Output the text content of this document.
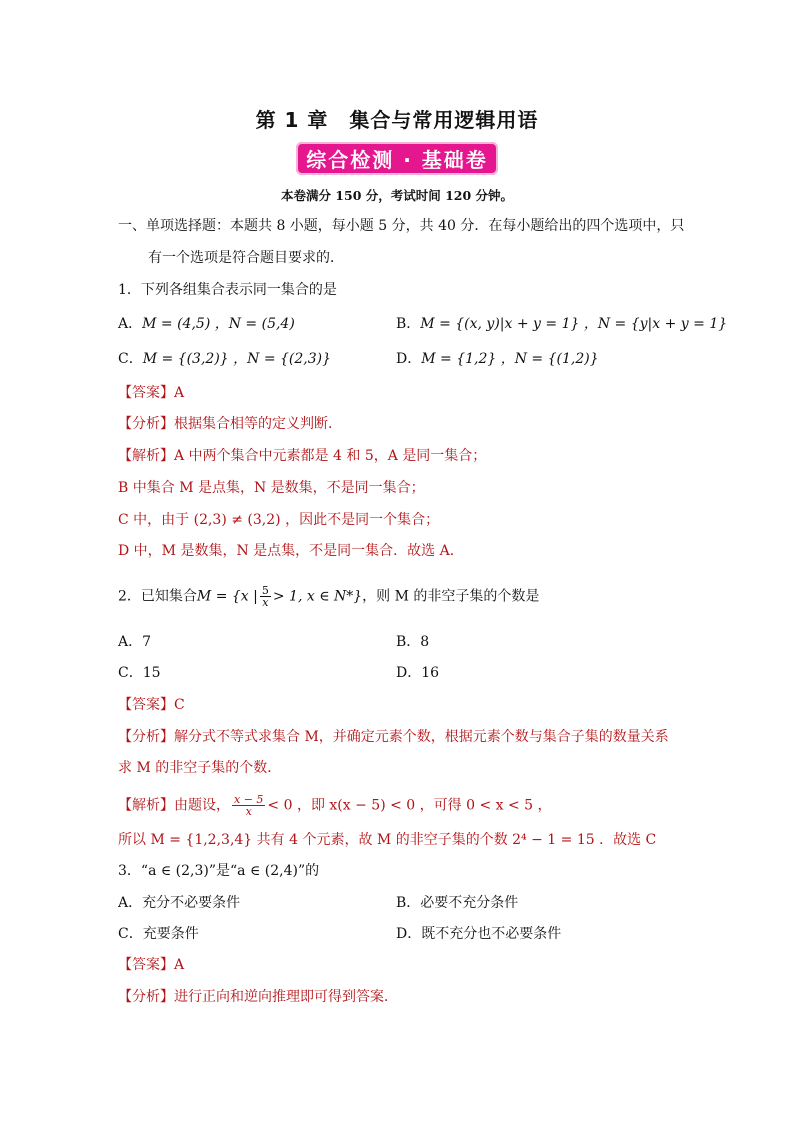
第 1 章　集合与常用逻辑用语
综合检测 · 基础卷
本卷满分 150 分，考试时间 120 分钟。
一、单项选择题：本题共 8 小题，每小题 5 分，共 40 分．在每小题给出的四个选项中，只
有一个选项是符合题目要求的．
1．下列各组集合表示同一集合的是
A．M = (4,5) ，N = (5,4)	B．M = {(x, y)|x + y = 1} ，N = {y|x + y = 1}
C．M = {(3,2)} ，N = {(2,3)}	D．M = {1,2} ，N = {(1,2)}
【答案】A
【分析】根据集合相等的定义判断．
【解析】A 中两个集合中元素都是 4 和 5，A 是同一集合；
B 中集合 M 是点集，N 是数集，不是同一集合；
C 中，由于 (2,3) ≠ (3,2) ，因此不是同一个集合；
D 中，M 是数集，N 是点集，不是同一集合．故选 A．
2．已知集合M = {x | $\frac{5}{x} > 1$, x ∈ N*}，则 M 的非空子集的个数是
A．7	B．8
C．15	D．16
【答案】C
【分析】解分式不等式求集合 M，并确定元素个数，根据元素个数与集合子集的数量关系
求 M 的非空子集的个数．
【解析】由题设， $\frac{x - 5}{x} < 0$ ，即 x(x − 5) < 0 ，可得 0 < x < 5 ，
所以 M = {1,2,3,4} 共有 4 个元素，故 M 的非空子集的个数 2⁴ − 1 = 15 ．故选 C
3．“a ∈ (2,3)”是“a ∈ (2,4)”的
A．充分不必要条件	B．必要不充分条件
C．充要条件	D．既不充分也不必要条件
【答案】A
【分析】进行正向和逆向推理即可得到答案．
